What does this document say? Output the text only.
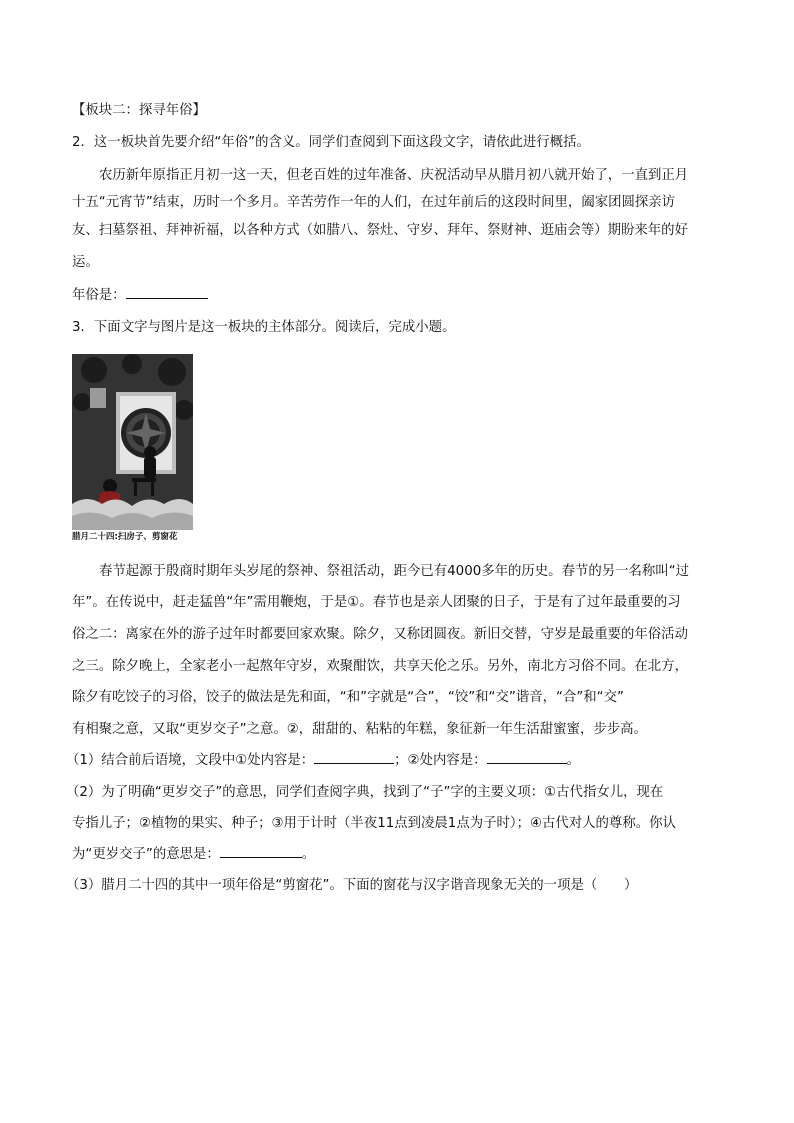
【板块二：探寻年俗】
2．这一板块首先要介绍“年俗”的含义。同学们查阅到下面这段文字，请依此进行概括。
农历新年原指正月初一这一天，但老百姓的过年准备、庆祝活动早从腊月初八就开始了，一直到正月
十五“元宵节”结束，历时一个多月。辛苦劳作一年的人们，在过年前后的这段时间里，阖家团圆探亲访
友、扫墓祭祖、拜神祈福，以各种方式（如腊八、祭灶、守岁、拜年、祭财神、逛庙会等）期盼来年的好
运。
年俗是：
3．下面文字与图片是这一板块的主体部分。阅读后，完成小题。
腊月二十四:扫房子、剪窗花
春节起源于殷商时期年头岁尾的祭神、祭祖活动，距今已有4000多年的历史。春节的另一名称叫“过
年”。在传说中，赶走猛兽“年”需用鞭炮，于是①。春节也是亲人团聚的日子，于是有了过年最重要的习
俗之二：离家在外的游子过年时都要回家欢聚。除夕，又称团圆夜。新旧交替，守岁是最重要的年俗活动
之三。除夕晚上，全家老小一起熬年守岁，欢聚酣饮，共享天伦之乐。另外，南北方习俗不同。在北方，
除夕有吃饺子的习俗，饺子的做法是先和面，“和”字就是“合”，“饺”和“交”谐音，“合”和“交”
有相聚之意，又取“更岁交子”之意。②，甜甜的、粘粘的年糕，象征新一年生活甜蜜蜜，步步高。
（1）结合前后语境，文段中①处内容是：	；②处内容是：	。
（2）为了明确“更岁交子”的意思，同学们查阅字典，找到了“子”字的主要义项：①古代指女儿，现在
专指儿子；②植物的果实、种子；③用于计时（半夜11点到凌晨1点为子时）；④古代对人的尊称。你认
为“更岁交子”的意思是：	。
（3）腊月二十四的其中一项年俗是“剪窗花”。下面的窗花与汉字谐音现象无关的一项是（　　）
